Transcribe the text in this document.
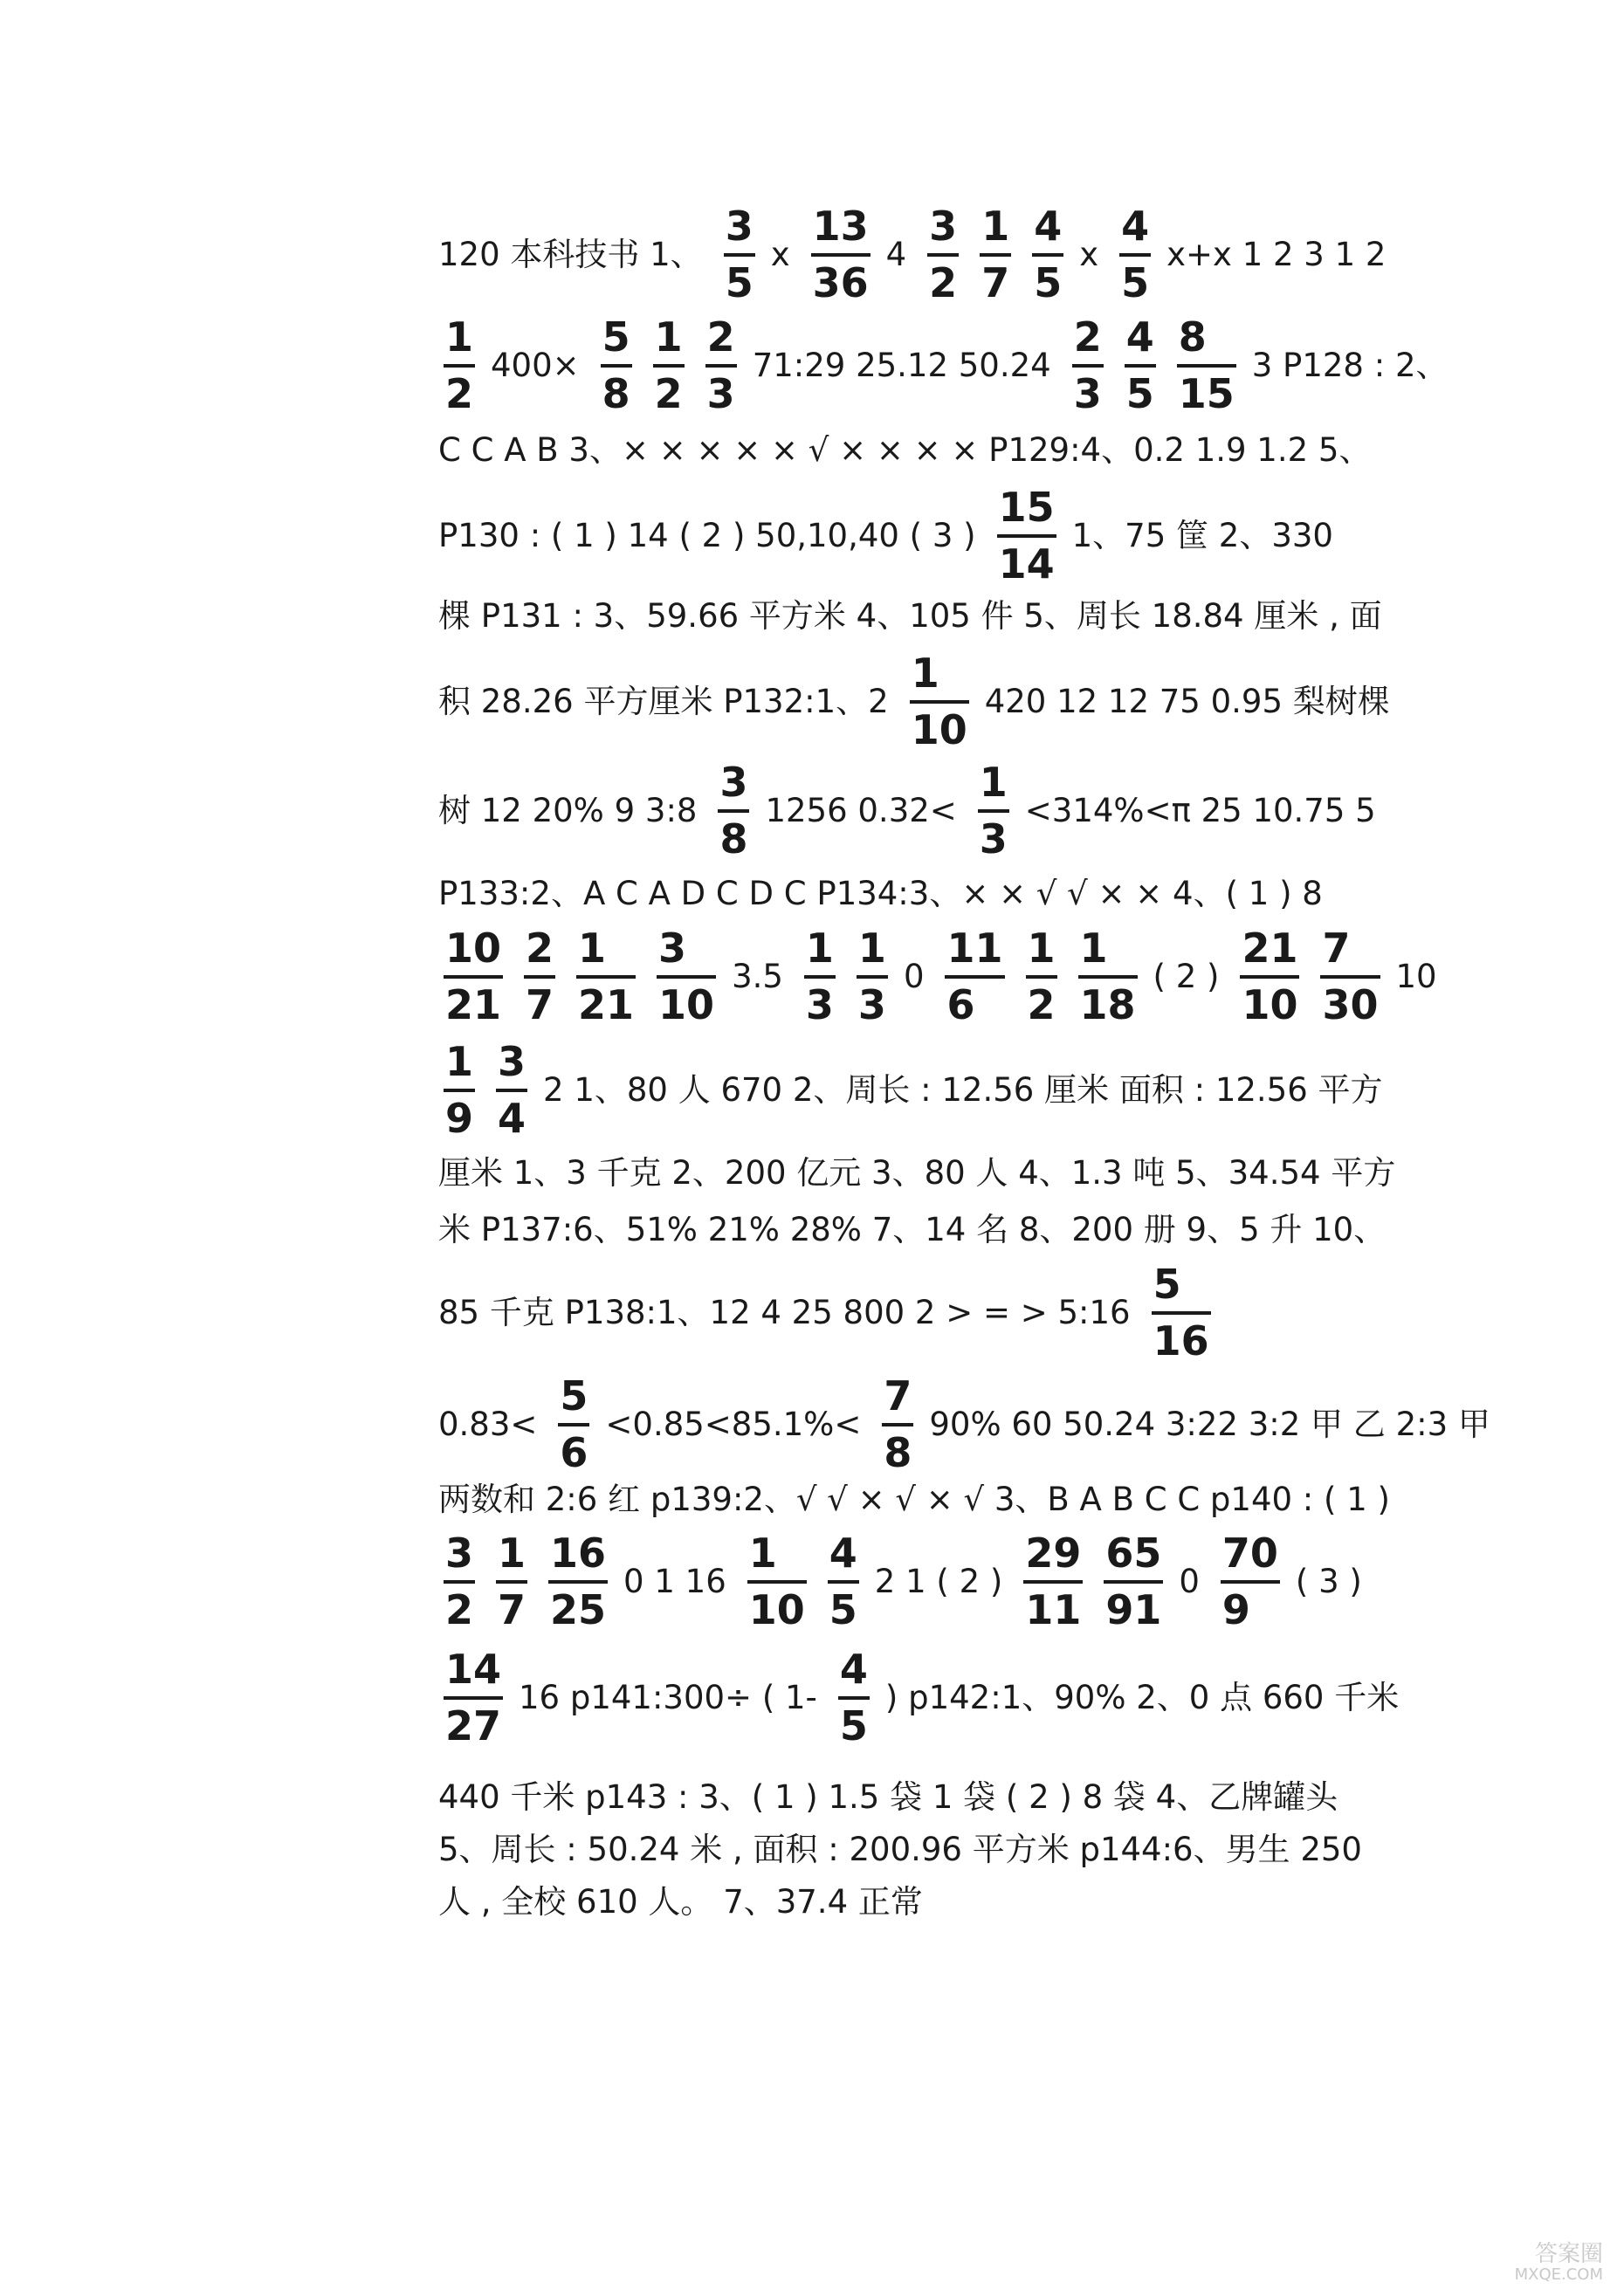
120 本科技书 1、 $\frac{3}{5}$ x $\frac{13}{36} 4 \frac{3}{2} \frac{1}{7} \frac{4}{5}$ x $\frac{4}{5} x+x$ 1 2 3 1 2
$\frac{1}{2} 400\times \frac{5}{8} \frac{1}{2} \frac{2}{3}$ 71:29 25.12 $50.24 \frac{2}{3} \frac{4}{5} \frac{8}{15} 3$ P128 : 2、
C C A B 3、× × × × × √ × × × × P129:4、0.2 1.9 1.2 5、
P130 : ( 1 ) 14 ( 2 ) 50,10,40 ( 3 ) $\frac{15}{14} 1$、75 筐 2、330
棵 P131 : 3、59.66 平方米 4、105 件 5、周长 18.84 厘米 , 面
积 28.26 平方厘米 P132:1、$2 \frac{1}{10} 420$ 12 12 75 0.95 梨树棵
树 12 20% 9 3:8 $\frac{3}{8} 1256$ $0.32< \frac{1}{3} <314\%<\pi$ 25 10.75 5
P133:2、A C A D C D C P134:3、× × √ √ × × 4、( 1 ) 8
$\frac{10}{21} \frac{2}{7} \frac{1}{21} \frac{3}{10} 3.5 \frac{1}{3} \frac{1}{3} 0 \frac{11}{6} \frac{1}{2} \frac{1}{18}$ ( 2 ) $\frac{21}{10} \frac{7}{30} 10$
$\frac{1}{9} \frac{3}{4} 2$ 1、80 人 670 2、周长 : 12.56 厘米 面积 : 12.56 平方
厘米 1、3 千克 2、200 亿元 3、80 人 4、1.3 吨 5、34.54 平方
米 P137:6、51% 21% 28% 7、14 名 8、200 册 9、5 升 10、
85 千克 P138:1、12 4 25 800 2 > = > 5:16 $\frac{5}{16}$
$0.83< \frac{5}{6} <0.85<85.1\%< \frac{7}{8} 90\%$ 60 50.24 3:22 3:2 甲 乙 2:3 甲
两数和 2:6 红 p139:2、√ √ × √ × √ 3、B A B C C p140 : ( 1 )
$\frac{3}{2} \frac{1}{7} \frac{16}{25} 0$ 1 $16 \frac{1}{10} \frac{4}{5} 2$ 1 ( 2 ) $\frac{29}{11} \frac{65}{91} 0 \frac{70}{9}$ ( 3 )
$\frac{14}{27} 16$ p141:300÷ ( $1- \frac{4}{5}$ ) p142:1、90% 2、0 点 660 千米
440 千米 p143 : 3、( 1 ) 1.5 袋 1 袋 ( 2 ) 8 袋 4、乙牌罐头
5、周长 : 50.24 米 , 面积 : 200.96 平方米 p144:6、男生 250
人 , 全校 610 人。 7、37.4 正常
答案圈
MXQE.COM
